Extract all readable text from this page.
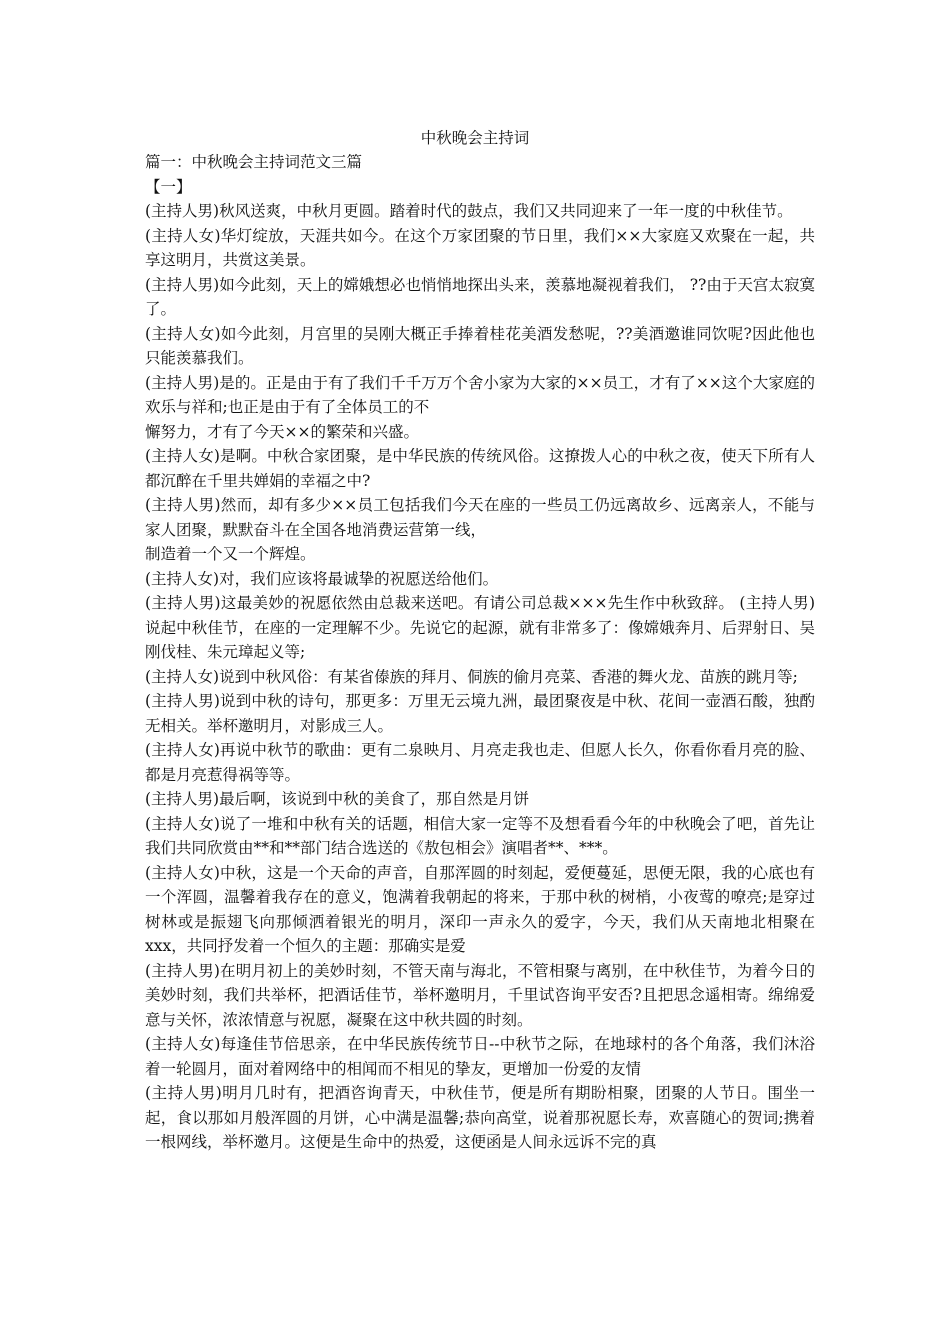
中秋晚会主持词

篇一：中秋晚会主持词范文三篇

【一】

(主持人男)秋风送爽，中秋月更圆。踏着时代的鼓点，我们又共同迎来了一年一度的中秋佳节。

(主持人女)华灯绽放，天涯共如今。在这个万家团聚的节日里，我们××大家庭又欢聚在一起，共享这明月，共赏这美景。

(主持人男)如今此刻，天上的嫦娥想必也悄悄地探出头来，羡慕地凝视着我们， ??由于天宫太寂寞了。

(主持人女)如今此刻，月宫里的吴刚大概正手捧着桂花美酒发愁呢，??美酒邀谁同饮呢?因此他也只能羡慕我们。

(主持人男)是的。正是由于有了我们千千万万个舍小家为大家的××员工，才有了××这个大家庭的欢乐与祥和;也正是由于有了全体员工的不

懈努力，才有了今天××的繁荣和兴盛。

(主持人女)是啊。中秋合家团聚，是中华民族的传统风俗。这撩拨人心的中秋之夜，使天下所有人都沉醉在千里共婵娟的幸福之中?

(主持人男)然而，却有多少××员工包括我们今天在座的一些员工仍远离故乡、远离亲人，不能与家人团聚，默默奋斗在全国各地消费运营第一线，

制造着一个又一个辉煌。

(主持人女)对，我们应该将最诚挚的祝愿送给他们。

(主持人男)这最美妙的祝愿依然由总裁来送吧。有请公司总裁×××先生作中秋致辞。 (主持人男)说起中秋佳节，在座的一定理解不少。先说它的起源，就有非常多了：像嫦娥奔月、后羿射日、吴刚伐桂、朱元璋起义等;

(主持人女)说到中秋风俗：有某省傣族的拜月、侗族的偷月亮菜、香港的舞火龙、苗族的跳月等;

(主持人男)说到中秋的诗句，那更多：万里无云境九洲，最团聚夜是中秋、花间一壶酒石酸，独酌无相关。举杯邀明月，对影成三人。

(主持人女)再说中秋节的歌曲：更有二泉映月、月亮走我也走、但愿人长久，你看你看月亮的脸、都是月亮惹得祸等等。

(主持人男)最后啊，该说到中秋的美食了，那自然是月饼

(主持人女)说了一堆和中秋有关的话题，相信大家一定等不及想看看今年的中秋晚会了吧，首先让我们共同欣赏由**和**部门结合选送的《敖包相会》演唱者**、***。

(主持人女)中秋，这是一个天命的声音，自那浑圆的时刻起，爱便蔓延，思便无限，我的心底也有一个浑圆，温馨着我存在的意义，饱满着我朝起的将来，于那中秋的树梢，小夜莺的嘹亮;是穿过树林或是振翅飞向那倾洒着银光的明月，深印一声永久的爱字，今天，我们从天南地北相聚在 xxx，共同抒发着一个恒久的主题：那确实是爱

(主持人男)在明月初上的美妙时刻，不管天南与海北，不管相聚与离别，在中秋佳节，为着今日的美妙时刻，我们共举杯，把酒话佳节，举杯邀明月，千里试咨询平安否?且把思念遥相寄。绵绵爱意与关怀，浓浓情意与祝愿，凝聚在这中秋共圆的时刻。

(主持人女)每逢佳节倍思亲，在中华民族传统节日--中秋节之际，在地球村的各个角落，我们沐浴着一轮圆月，面对着网络中的相闻而不相见的挚友，更增加一份爱的友情

(主持人男)明月几时有，把酒咨询青天，中秋佳节，便是所有期盼相聚，团聚的人节日。围坐一起，食以那如月般浑圆的月饼，心中满是温馨;恭向高堂，说着那祝愿长寿，欢喜随心的贺词;携着一根网线，举杯邀月。这便是生命中的热爱，这便函是人间永远诉不完的真
